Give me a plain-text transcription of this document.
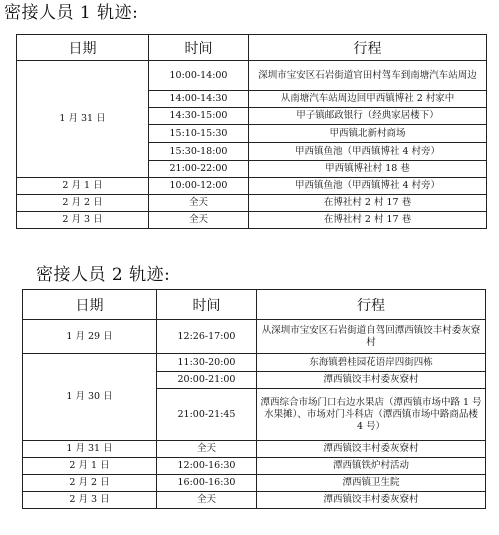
密接人员 1 轨迹:
日期	时间	行程
1 月 31 日	10:00-14:00	深圳市宝安区石岩街道官田村驾车到南塘汽车站周边
	14:00-14:30	从南塘汽车站周边回甲西镇博社 2 村家中
	14:30-15:00	甲子镇邮政银行（经典家居楼下）
	15:10-15:30	甲西镇北新村商场
	15:30-18:00	甲西镇鱼池（甲西镇博社 4 村旁）
	21:00-22:00	甲西镇博社村 18 巷
2 月 1 日	10:00-12:00	甲西镇鱼池（甲西镇博社 4 村旁）
2 月 2 日	全天	在博社村 2 村 17 巷
2 月 3 日	全天	在博社村 2 村 17 巷
密接人员 2 轨迹:
日期	时间	行程
1 月 29 日	12:26-17:00	从深圳市宝安区石岩街道自驾回潭西镇饺丰村委灰寮村
1 月 30 日	11:30-20:00	东海镇碧桂园花语岸四街四栋
	20:00-21:00	潭西镇饺丰村委灰寮村
	21:00-21:45	潭西综合市场门口右边水果店（潭西镇市场中路 1 号水果摊）、市场对门斗科店（潭西镇市场中路商品楼 4 号）
1 月 31 日	全天	潭西镇饺丰村委灰寮村
2 月 1 日	12:00-16:30	潭西镇铁炉村活动
2 月 2 日	16:00-16:30	潭西镇卫生院
2 月 3 日	全天	潭西镇饺丰村委灰寮村
